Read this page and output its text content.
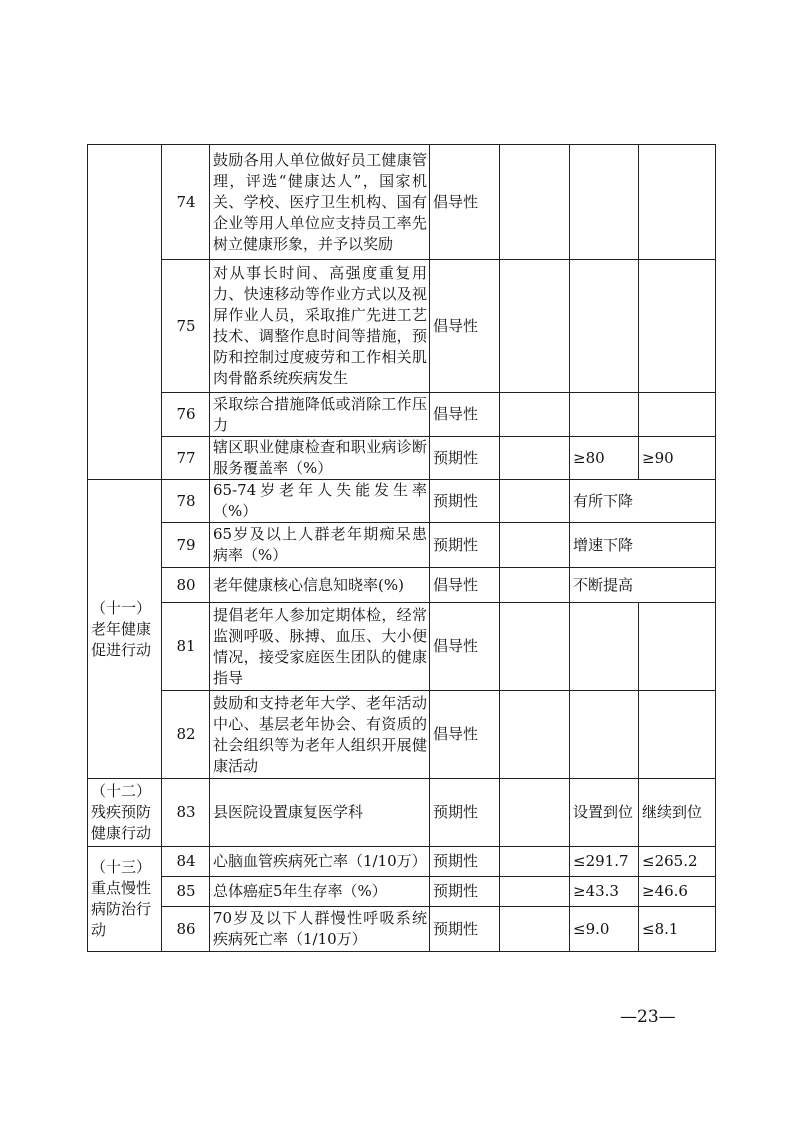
	74	鼓励各用人单位做好员工健康管理，评选“健康达人”，国家机关、学校、医疗卫生机构、国有企业等用人单位应支持员工率先树立健康形象，并予以奖励	倡导性			
	75	对从事长时间、高强度重复用力、快速移动等作业方式以及视屏作业人员，采取推广先进工艺技术、调整作息时间等措施，预防和控制过度疲劳和工作相关肌肉骨骼系统疾病发生	倡导性			
	76	采取综合措施降低或消除工作压力	倡导性			
	77	辖区职业健康检查和职业病诊断服务覆盖率（%）	预期性		≥80	≥90
（十一）老年健康促进行动	78	65-74岁老年人失能发生率（%）	预期性		有所下降	
	79	65岁及以上人群老年期痴呆患病率（%）	预期性		增速下降	
	80	老年健康核心信息知晓率(%)	倡导性		不断提高	
	81	提倡老年人参加定期体检，经常监测呼吸、脉搏、血压、大小便情况，接受家庭医生团队的健康指导	倡导性			
	82	鼓励和支持老年大学、老年活动中心、基层老年协会、有资质的社会组织等为老年人组织开展健康活动	倡导性			
（十二）残疾预防健康行动	83	县医院设置康复医学科	预期性		设置到位	继续到位
（十三）重点慢性病防治行动	84	心脑血管疾病死亡率（1/10万）	预期性		≤291.7	≤265.2
	85	总体癌症5年生存率（%）	预期性		≥43.3	≥46.6
	86	70岁及以下人群慢性呼吸系统疾病死亡率（1/10万）	预期性		≤9.0	≤8.1
—23—
